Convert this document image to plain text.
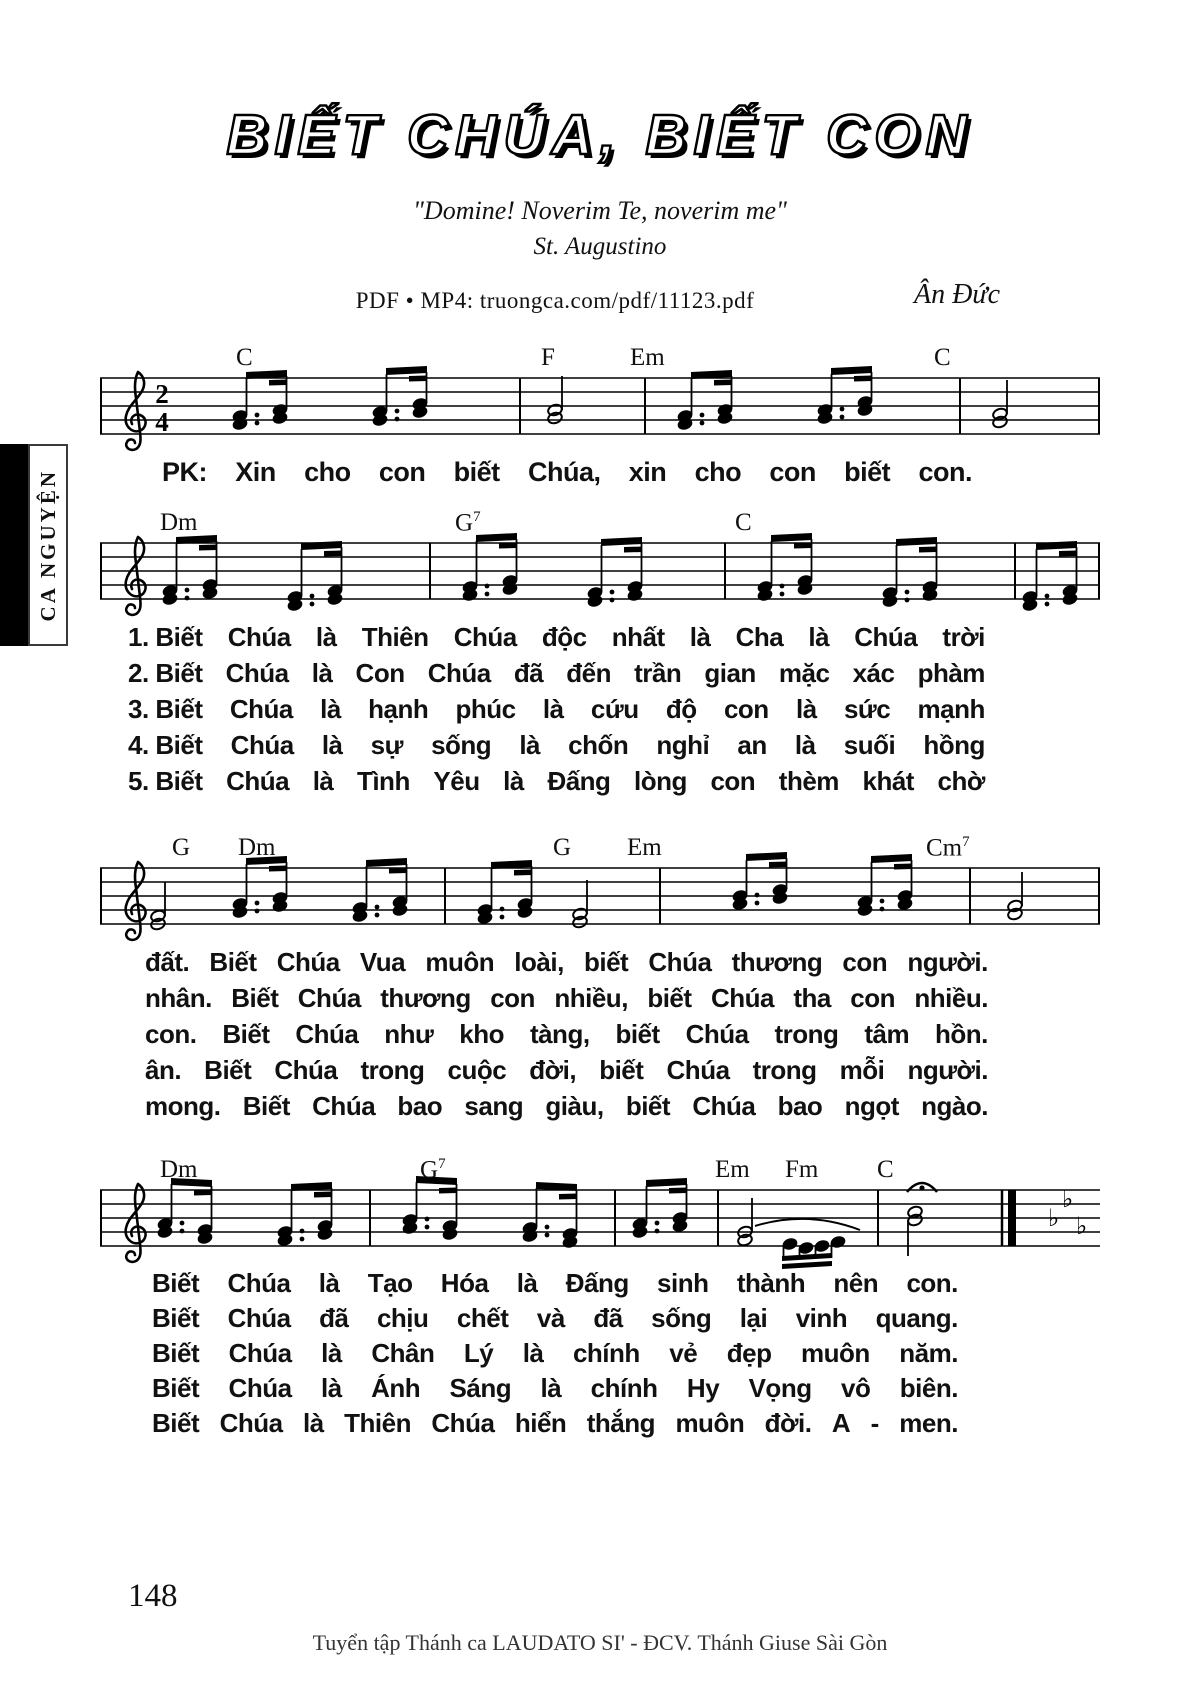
BIẾT CHÚA, BIẾT CON
"Domine! Noverim Te, noverim me"
St. Augustino
PDF • MP4: truongca.com/pdf/11123.pdf	Ân Đức
CA NGUYỆN
C	F	Em	C
2
4
PK: Xin cho con biết Chúa, xin cho con biết con.
Dm	$G^7$	C
1. Biết Chúa là Thiên Chúa độc nhất là Cha là Chúa trời
2. Biết Chúa là Con Chúa đã đến trần gian mặc xác phàm
3. Biết Chúa là hạnh phúc là cứu độ con là sức mạnh
4. Biết Chúa là sự sống là chốn nghỉ an là suối hồng
5. Biết Chúa là Tình Yêu là Đấng lòng con thèm khát chờ
G Dm	G Em	Cm$^7$
đất. Biết Chúa Vua muôn loài, biết Chúa thương con người.
nhân. Biết Chúa thương con nhiều, biết Chúa tha con nhiều.
con. Biết Chúa như kho tàng, biết Chúa trong tâm hồn.
ân. Biết Chúa trong cuộc đời, biết Chúa trong mỗi người.
mong. Biết Chúa bao sang giàu, biết Chúa bao ngọt ngào.
Dm	$G^7$	Em Fm C
♭
♭
♭
Biết Chúa là Tạo Hóa là Đấng sinh thành nên con.
Biết Chúa đã chịu chết và đã sống lại vinh quang.
Biết Chúa là Chân Lý là chính vẻ đẹp muôn năm.
Biết Chúa là Ánh Sáng là chính Hy Vọng vô biên.
Biết Chúa là Thiên Chúa hiển thắng muôn đời. A - men.
148
Tuyển tập Thánh ca LAUDATO SI' - ĐCV. Thánh Giuse Sài Gòn
